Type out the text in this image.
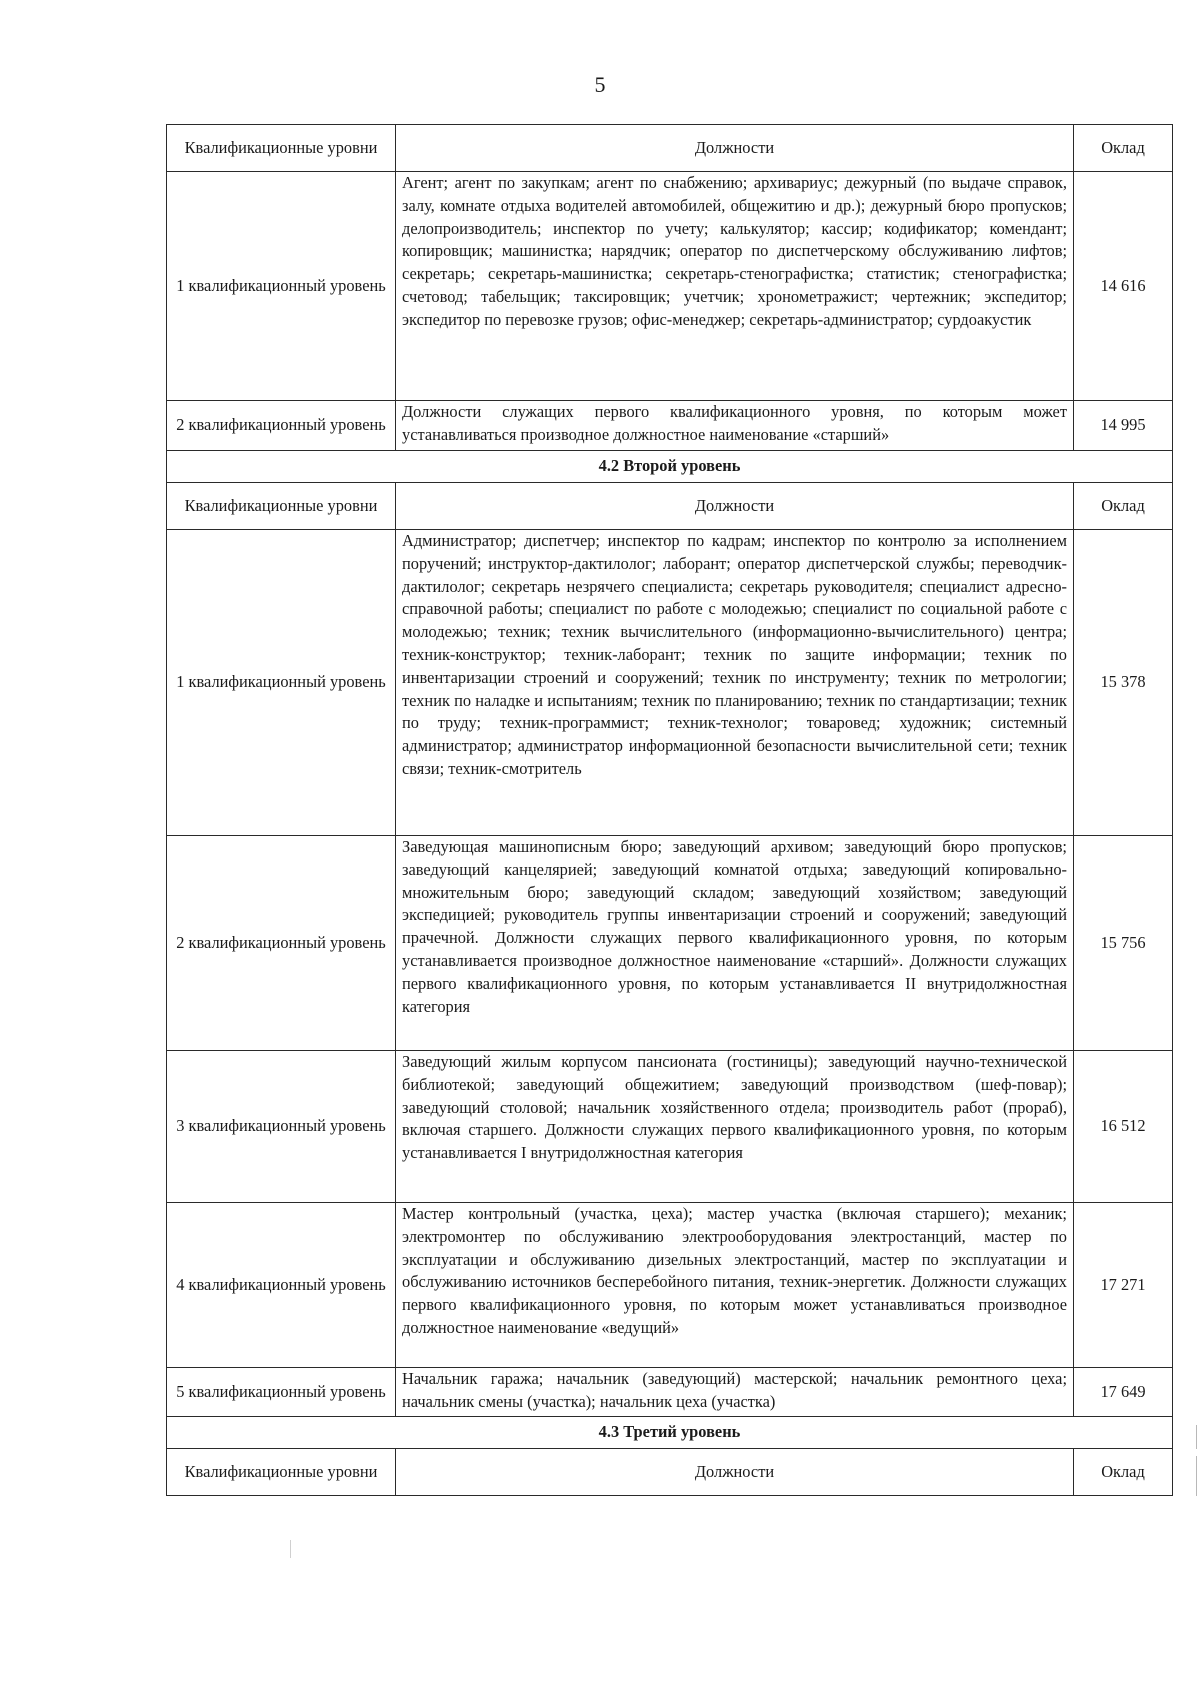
5
Квалификационные уровни	Должности	Оклад
1 квалификационный уровень	Агент; агент по закупкам; агент по снабжению; архивариус; дежурный (по выдаче справок, залу, комнате отдыха водителей автомобилей, общежитию и др.); дежурный бюро пропусков; делопроизводитель; инспектор по учету; калькулятор; кассир; кодификатор; комендант; копировщик; машинистка; нарядчик; оператор по диспетчерскому обслуживанию лифтов; секретарь; секретарь-машинистка; секретарь-стенографистка; статистик; стенографистка; счетовод; табельщик; таксировщик; учетчик; хронометражист; чертежник; экспедитор; экспедитор по перевозке грузов; офис-менеджер; секретарь-администратор; сурдоакустик	14 616
2 квалификационный уровень	Должности служащих первого квалификационного уровня, по которым может устанавливаться производное должностное наименование «старший»	14 995
4.2 Второй уровень		
Квалификационные уровни	Должности	Оклад
1 квалификационный уровень	Администратор; диспетчер; инспектор по кадрам; инспектор по контролю за исполнением поручений; инструктор-дактилолог; лаборант; оператор диспетчерской службы; переводчик-дактилолог; секретарь незрячего специалиста; секретарь руководителя; специалист адресно-справочной работы; специалист по работе с молодежью; специалист по социальной работе с молодежью; техник; техник вычислительного (информационно-вычислительного) центра; техник-конструктор; техник-лаборант; техник по защите информации; техник по инвентаризации строений и сооружений; техник по инструменту; техник по метрологии; техник по наладке и испытаниям; техник по планированию; техник по стандартизации; техник по труду; техник-программист; техник-технолог; товаровед; художник; системный администратор; администратор информационной безопасности вычислительной сети; техник связи; техник-смотритель	15 378
2 квалификационный уровень	Заведующая машинописным бюро; заведующий архивом; заведующий бюро пропусков; заведующий канцелярией; заведующий комнатой отдыха; заведующий копировально-множительным бюро; заведующий складом; заведующий хозяйством; заведующий экспедицией; руководитель группы инвентаризации строений и сооружений; заведующий прачечной. Должности служащих первого квалификационного уровня, по которым устанавливается производное должностное наименование «старший». Должности служащих первого квалификационного уровня, по которым устанавливается II внутридолжностная категория	15 756
3 квалификационный уровень	Заведующий жилым корпусом пансионата (гостиницы); заведующий научно-технической библиотекой; заведующий общежитием; заведующий производством (шеф-повар); заведующий столовой; начальник хозяйственного отдела; производитель работ (прораб), включая старшего. Должности служащих первого квалификационного уровня, по которым устанавливается I внутридолжностная категория	16 512
4 квалификационный уровень	Мастер контрольный (участка, цеха); мастер участка (включая старшего); механик; электромонтер по обслуживанию электрооборудования электростанций, мастер по эксплуатации и обслуживанию дизельных электростанций, мастер по эксплуатации и обслуживанию источников бесперебойного питания, техник-энергетик. Должности служащих первого квалификационного уровня, по которым может устанавливаться производное должностное наименование «ведущий»	17 271
5 квалификационный уровень	Начальник гаража; начальник (заведующий) мастерской; начальник ремонтного цеха; начальник смены (участка); начальник цеха (участка)	17 649
4.3 Третий уровень		
Квалификационные уровни	Должности	Оклад
